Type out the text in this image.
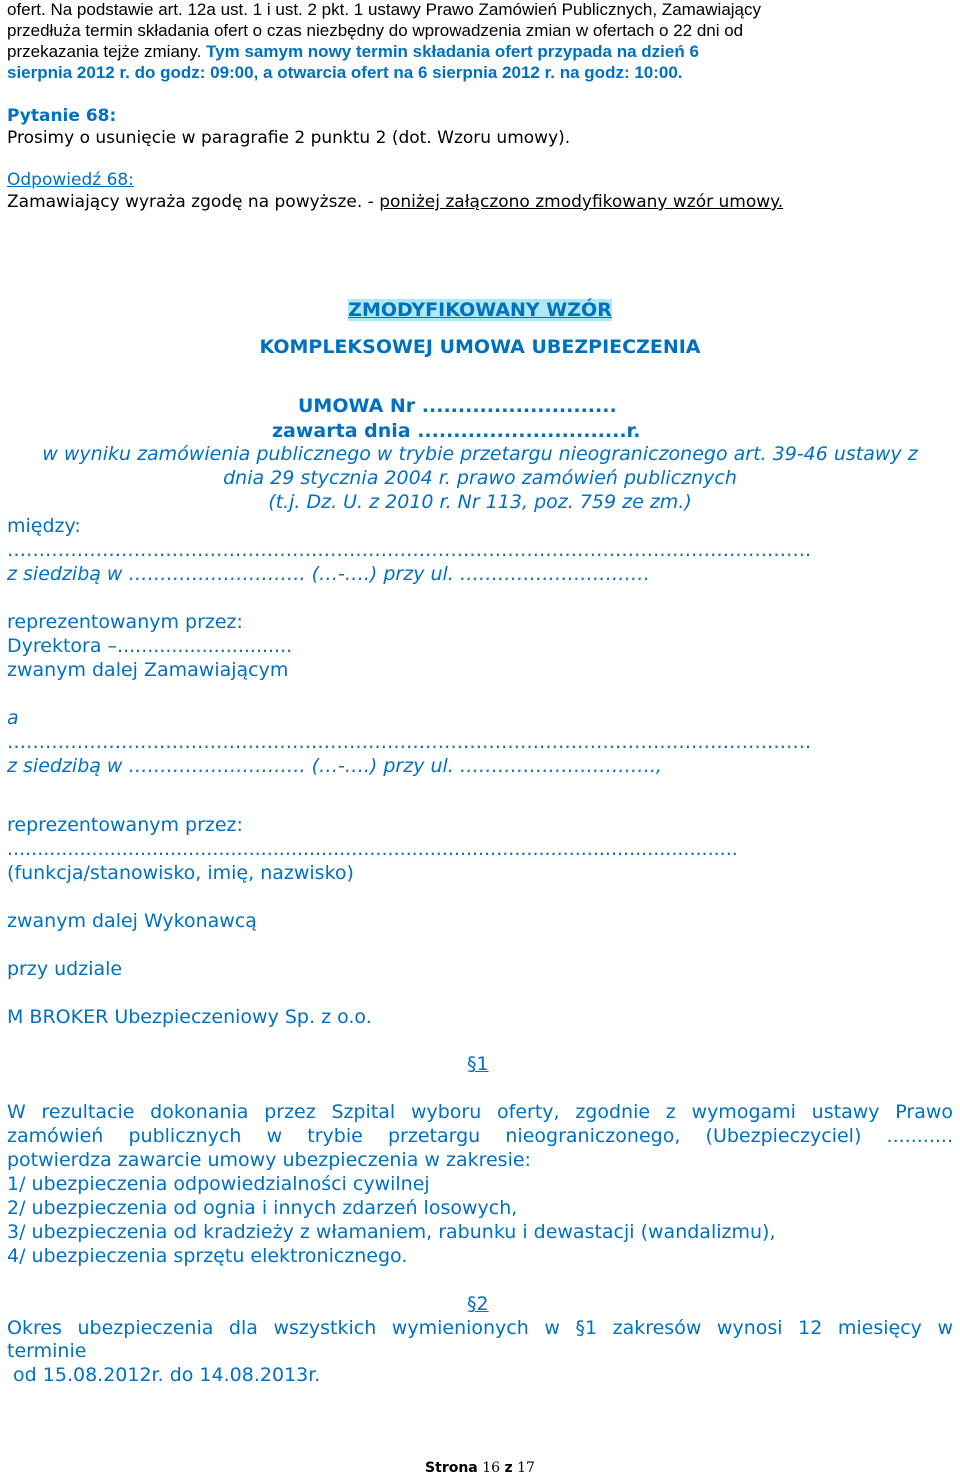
ofert. Na podstawie art. 12a ust. 1 i ust. 2 pkt. 1 ustawy Prawo Zamówień Publicznych, Zamawiający
przedłuża termin składania ofert o czas niezbędny do wprowadzenia zmian w ofertach o 22 dni od
przekazania tejże zmiany. Tym samym nowy termin składania ofert przypada na dzień 6
sierpnia 2012 r. do godz: 09:00, a otwarcia ofert na 6 sierpnia 2012 r. na godz: 10:00.
Pytanie 68:
Prosimy o usunięcie w paragrafie 2 punktu 2 (dot. Wzoru umowy).
Odpowiedź 68:
Zamawiający wyraża zgodę na powyższe. - poniżej załączono zmodyfikowany wzór umowy.
ZMODYFIKOWANY WZÓR
KOMPLEKSOWEJ UMOWA UBEZPIECZENIA
UMOWA Nr ...........................
zawarta dnia .............................r.
w wyniku zamówienia publicznego w trybie przetargu nieograniczonego art. 39-46 ustawy z
dnia 29 stycznia 2004 r. prawo zamówień publicznych
(t.j. Dz. U. z 2010 r. Nr 113, poz. 759 ze zm.)
między:
……………………………………………………………………………………………………………….
z siedzibą w ………………………. (…-….) przy ul. …………………………
reprezentowanym przez:
Dyrektora –.............................
zwanym dalej Zamawiającym
a
……………………………………………………………………………………………………………….
z siedzibą w ………………………. (…-….) przy ul. ………………………….,
reprezentowanym przez:
.........................................................................................................................
(funkcja/stanowisko, imię, nazwisko)
zwanym dalej Wykonawcą
przy udziale
M BROKER Ubezpieczeniowy Sp. z o.o.
§1
W rezultacie dokonania przez Szpital wyboru oferty, zgodnie z wymogami ustawy Prawo
zamówień publicznych w trybie przetargu nieograniczonego, (Ubezpieczyciel) ...........
potwierdza zawarcie umowy ubezpieczenia w zakresie:
1/ ubezpieczenia odpowiedzialności cywilnej
2/ ubezpieczenia od ognia i innych zdarzeń losowych,
3/ ubezpieczenia od kradzieży z włamaniem, rabunku i dewastacji (wandalizmu),
4/ ubezpieczenia sprzętu elektronicznego.
§2
Okres ubezpieczenia dla wszystkich wymienionych w §1 zakresów wynosi 12 miesięcy w
terminie
od 15.08.2012r. do 14.08.2013r.
Strona 16 z 17
